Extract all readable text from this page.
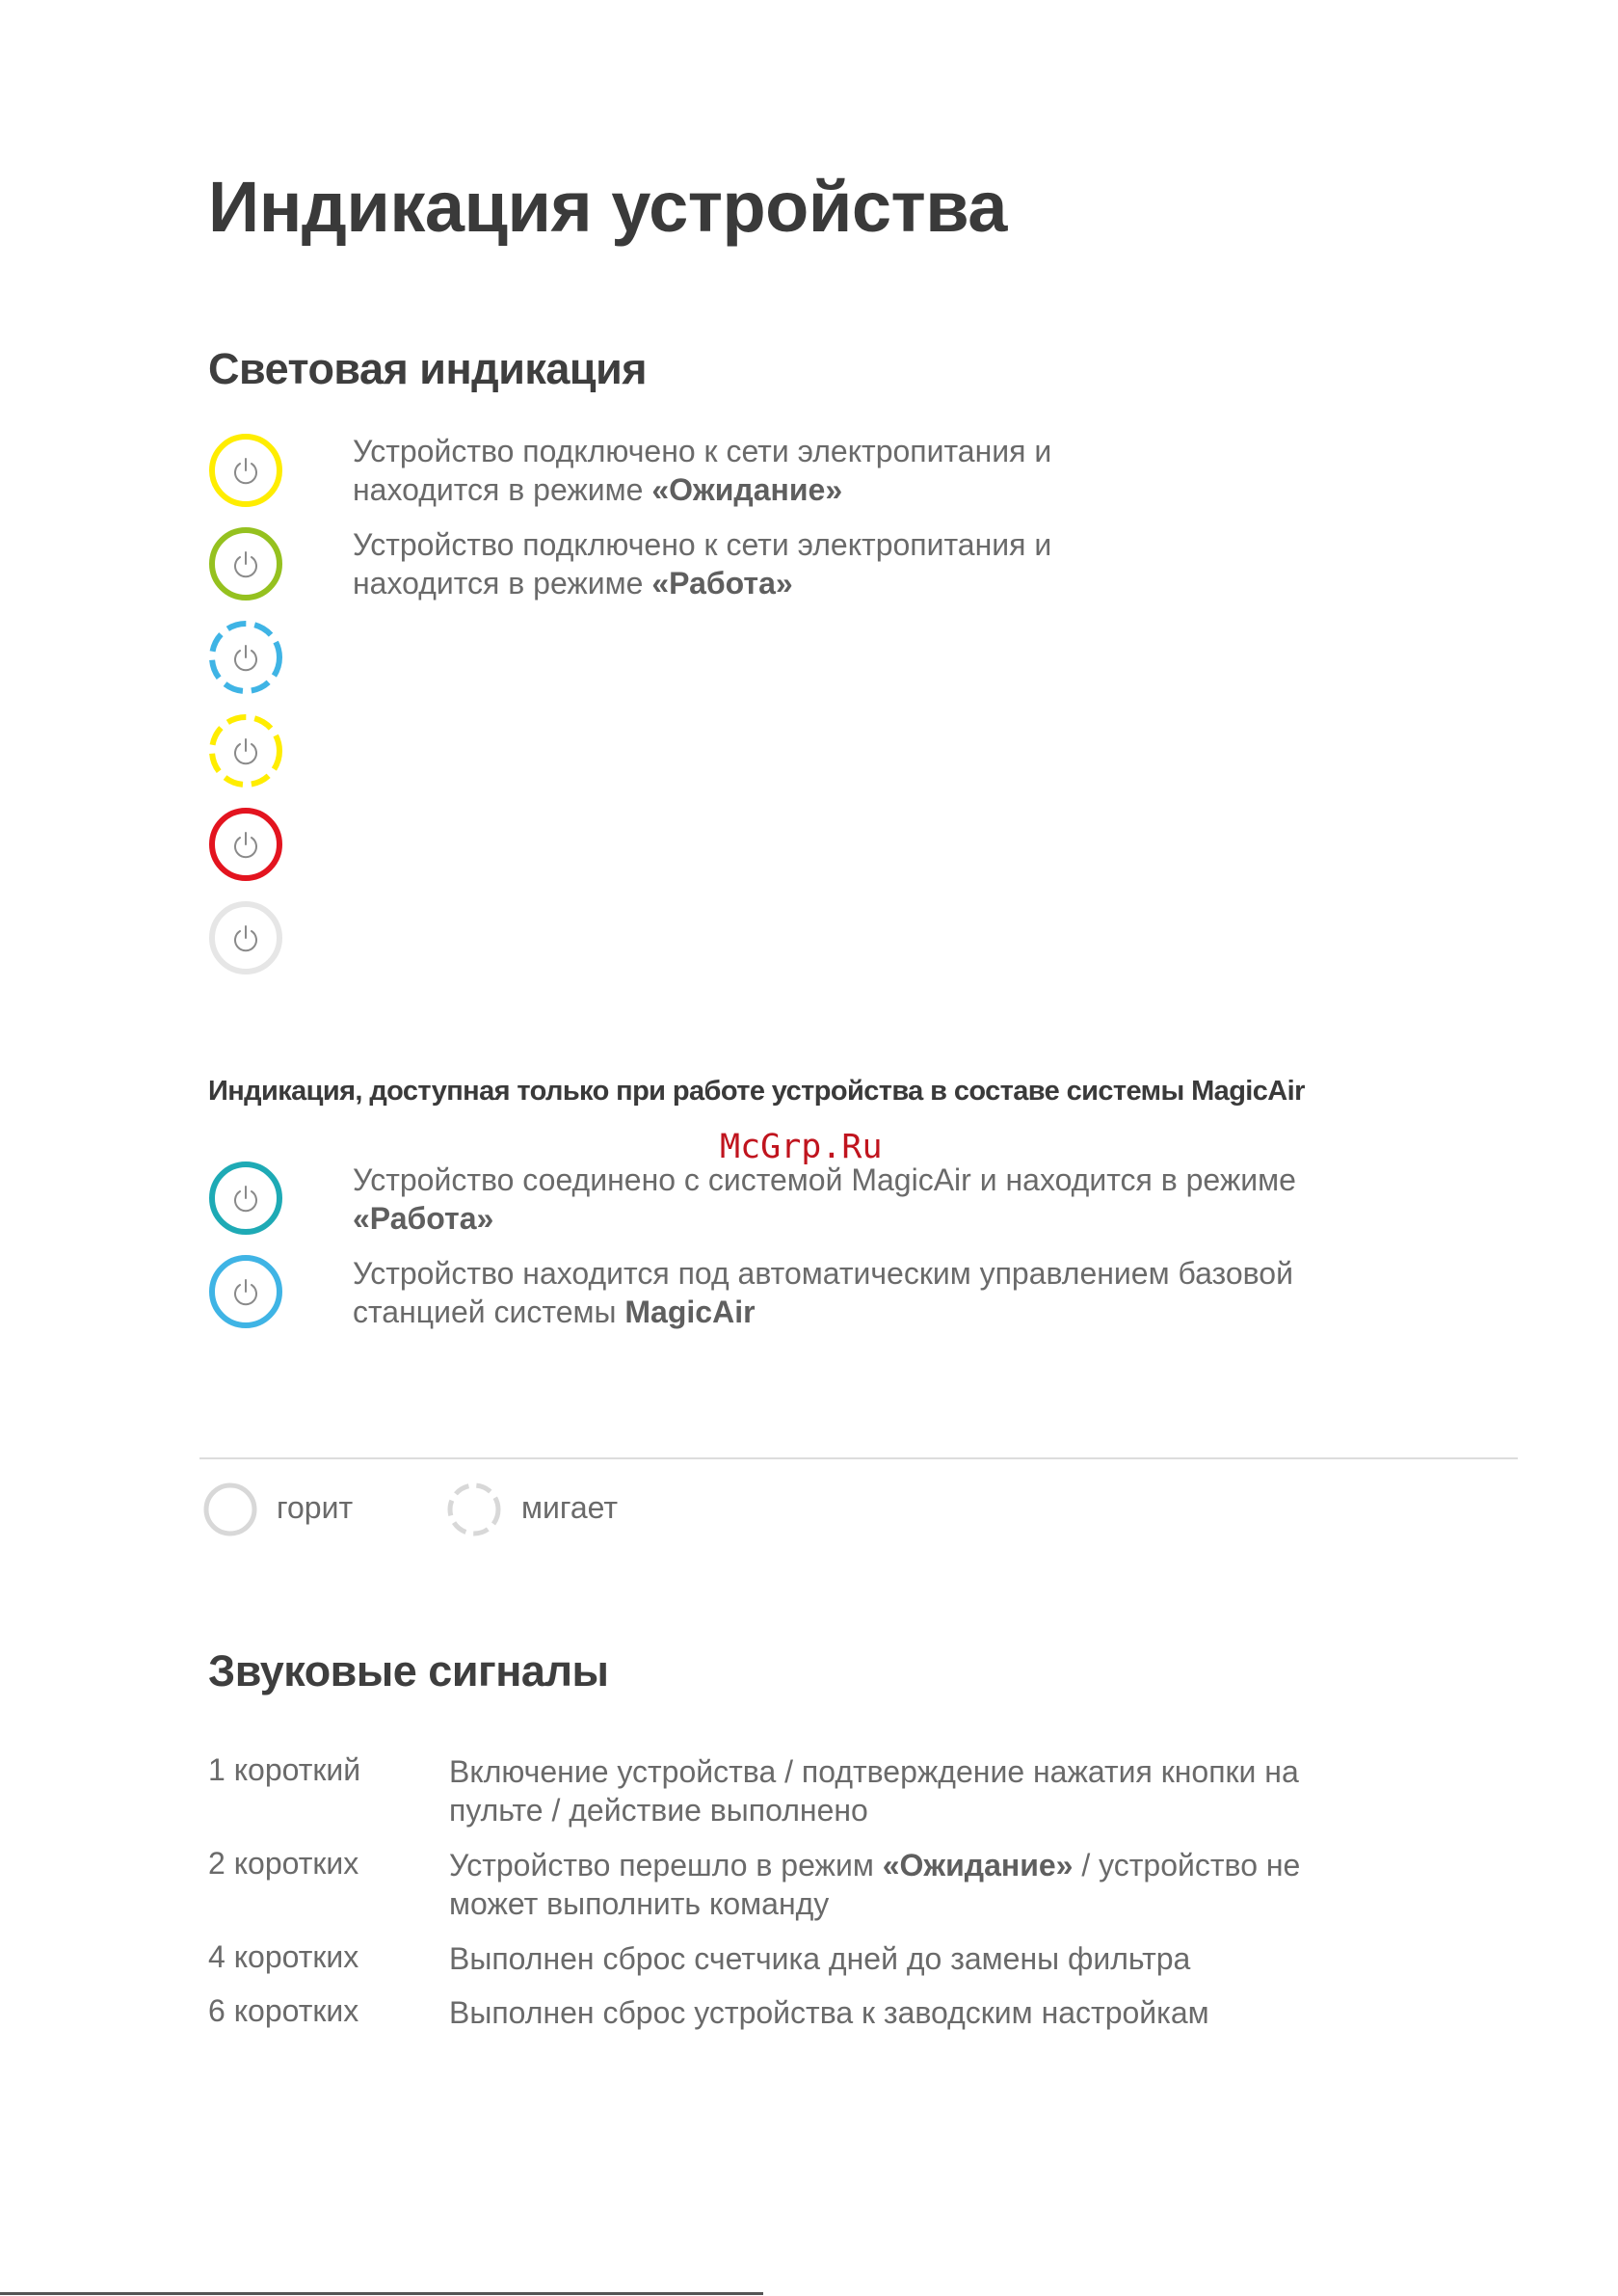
Индикация устройства
Световая индикация
Устройство подключено к сети электропитания и
находится в режиме «Ожидание»
Устройство подключено к сети электропитания и
находится в режиме «Работа»
Индикация, доступная только при работе устройства в составе системы MagicAir
McGrp.Ru
Устройство соединено с системой MagicAir и находится в режиме
«Работа»
Устройство находится под автоматическим управлением базовой
станцией системы MagicAir
горит	мигает
Звуковые сигналы
1 короткий	Включение устройства / подтверждение нажатия кнопки на
пульте / действие выполнено
2 коротких	Устройство перешло в режим «Ожидание» / устройство не
может выполнить команду
4 коротких	Выполнен сброс счетчика дней до замены фильтра
6 коротких	Выполнен сброс устройства к заводским настройкам
